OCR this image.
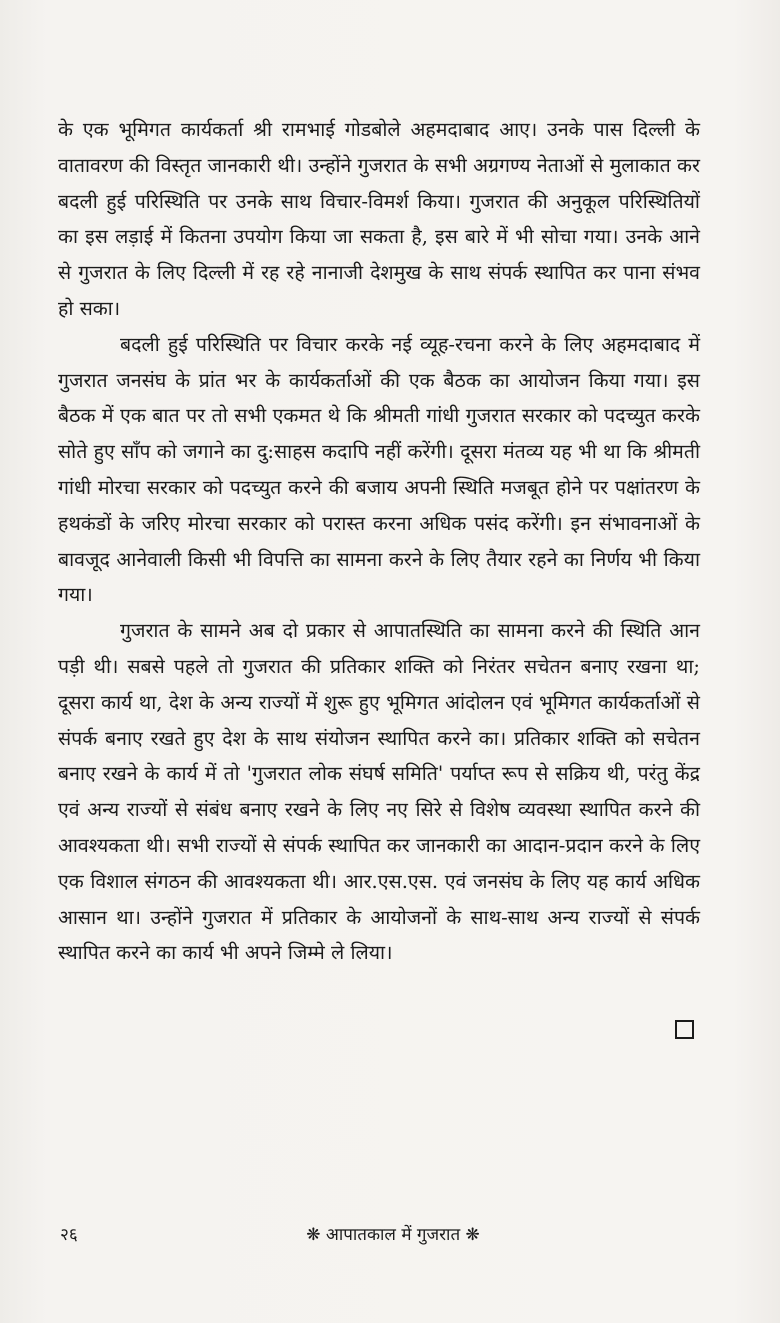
के एक भूमिगत कार्यकर्ता श्री रामभाई गोडबोले अहमदाबाद आए। उनके पास दिल्ली के वातावरण की विस्तृत जानकारी थी। उन्होंने गुजरात के सभी अग्रगण्य नेताओं से मुलाकात कर बदली हुई परिस्थिति पर उनके साथ विचार-विमर्श किया। गुजरात की अनुकूल परिस्थितियों का इस लड़ाई में कितना उपयोग किया जा सकता है, इस बारे में भी सोचा गया। उनके आने से गुजरात के लिए दिल्ली में रह रहे नानाजी देशमुख के साथ संपर्क स्थापित कर पाना संभव हो सका।

बदली हुई परिस्थिति पर विचार करके नई व्यूह-रचना करने के लिए अहमदाबाद में गुजरात जनसंघ के प्रांत भर के कार्यकर्ताओं की एक बैठक का आयोजन किया गया। इस बैठक में एक बात पर तो सभी एकमत थे कि श्रीमती गांधी गुजरात सरकार को पदच्युत करके सोते हुए साँप को जगाने का दु:साहस कदापि नहीं करेंगी। दूसरा मंतव्य यह भी था कि श्रीमती गांधी मोरचा सरकार को पदच्युत करने की बजाय अपनी स्थिति मजबूत होने पर पक्षांतरण के हथकंडों के जरिए मोरचा सरकार को परास्त करना अधिक पसंद करेंगी। इन संभावनाओं के बावजूद आनेवाली किसी भी विपत्ति का सामना करने के लिए तैयार रहने का निर्णय भी किया गया।

गुजरात के सामने अब दो प्रकार से आपातस्थिति का सामना करने की स्थिति आन पड़ी थी। सबसे पहले तो गुजरात की प्रतिकार शक्ति को निरंतर सचेतन बनाए रखना था; दूसरा कार्य था, देश के अन्य राज्यों में शुरू हुए भूमिगत आंदोलन एवं भूमिगत कार्यकर्ताओं से संपर्क बनाए रखते हुए देश के साथ संयोजन स्थापित करने का। प्रतिकार शक्ति को सचेतन बनाए रखने के कार्य में तो 'गुजरात लोक संघर्ष समिति' पर्याप्त रूप से सक्रिय थी, परंतु केंद्र एवं अन्य राज्यों से संबंध बनाए रखने के लिए नए सिरे से विशेष व्यवस्था स्थापित करने की आवश्यकता थी। सभी राज्यों से संपर्क स्थापित कर जानकारी का आदान-प्रदान करने के लिए एक विशाल संगठन की आवश्यकता थी। आर.एस.एस. एवं जनसंघ के लिए यह कार्य अधिक आसान था। उन्होंने गुजरात में प्रतिकार के आयोजनों के साथ-साथ अन्य राज्यों से संपर्क स्थापित करने का कार्य भी अपने जिम्मे ले लिया।

२६	❋ आपातकाल में गुजरात ❋
